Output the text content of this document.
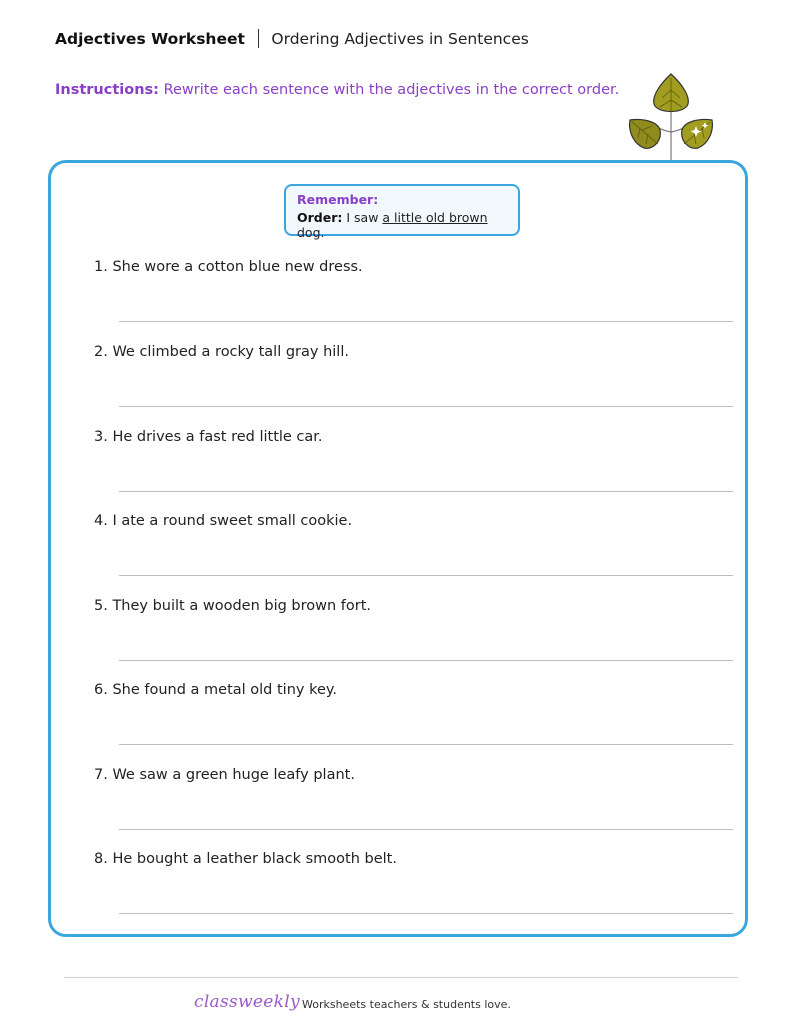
Adjectives Worksheet Ordering Adjectives in Sentences
Instructions: Rewrite each sentence with the adjectives in the correct order.
Remember:
Order: I saw a little old brown dog.
1. She wore a cotton blue new dress.
2. We climbed a rocky tall gray hill.
3. He drives a fast red little car.
4. I ate a round sweet small cookie.
5. They built a wooden big brown fort.
6. She found a metal old tiny key.
7. We saw a green huge leafy plant.
8. He bought a leather black smooth belt.
classweekly Worksheets teachers & students love.
